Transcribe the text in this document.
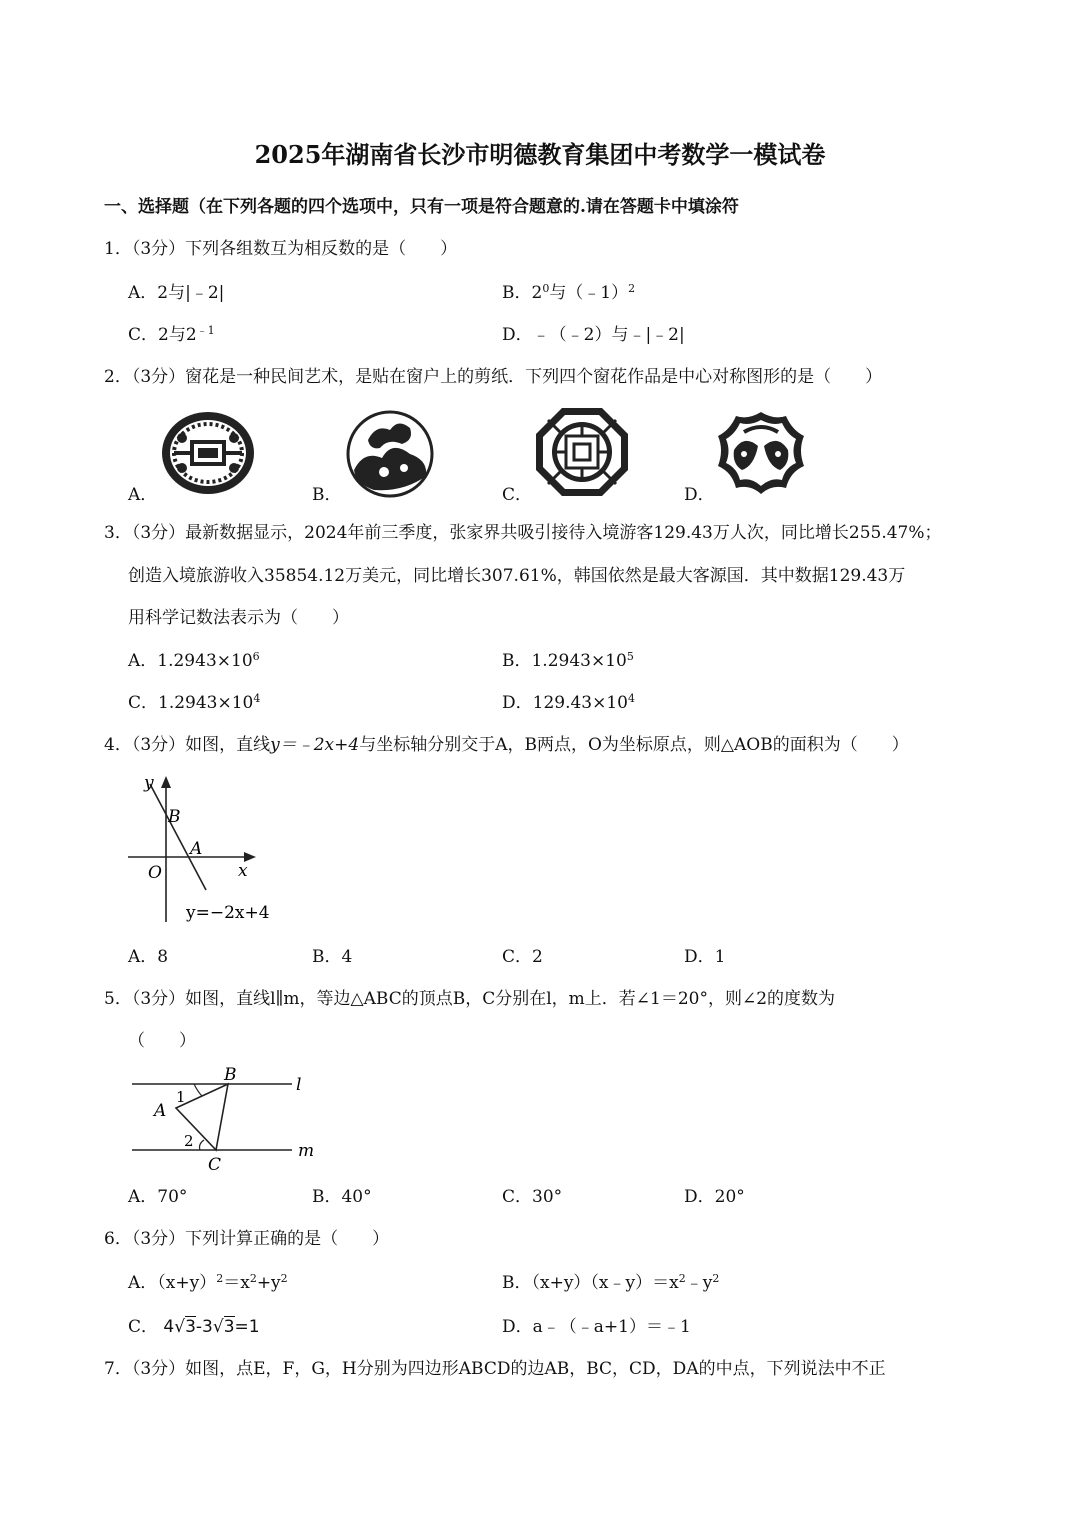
2025年湖南省长沙市明德教育集团中考数学一模试卷
一、选择题（在下列各题的四个选项中，只有一项是符合题意的.请在答题卡中填涂符
1．（3分）下列各组数互为相反数的是（　　）
A．2与|﹣2|	B．$2^0$与（﹣1）$^2$
C．2与$2^{﹣1}$	D．﹣（﹣2）与﹣|﹣2|
2．（3分）窗花是一种民间艺术，是贴在窗户上的剪纸．下列四个窗花作品是中心对称图形的是（　　）
A．	B．	C．	D．
3．（3分）最新数据显示，2024年前三季度，张家界共吸引接待入境游客129.43万人次，同比增长255.47%；
创造入境旅游收入35854.12万美元，同比增长307.61%，韩国依然是最大客源国．其中数据129.43万
用科学记数法表示为（　　）
A．$1.2943\times 10^6$	B．$1.2943\times 10^5$
C．$1.2943\times 10^4$	D．$129.43\times 10^4$
4．（3分）如图，直线y＝﹣2x+4与坐标轴分别交于A，B两点，O为坐标原点，则△AOB的面积为（　　）
y
B
A
O	x
y=−2x+4
A．8	B．4	C．2	D．1
5．（3分）如图，直线l∥m，等边△ABC的顶点B，C分别在l，m上．若∠1＝20°，则∠2的度数为
（　　）
B	l
A
1
2
C
m
A．70°	B．40°	C．30°	D．20°
6．（3分）下列计算正确的是（　　）
A．$(x+y)^2=x^2+y^2$	B．$(x+y)(x﹣y)=x^2﹣y^2$
C． 4√3-3√3=1	D．a﹣（﹣a+1）＝﹣1
7．（3分）如图，点E，F，G，H分别为四边形ABCD的边AB，BC，CD，DA的中点，下列说法中不正
